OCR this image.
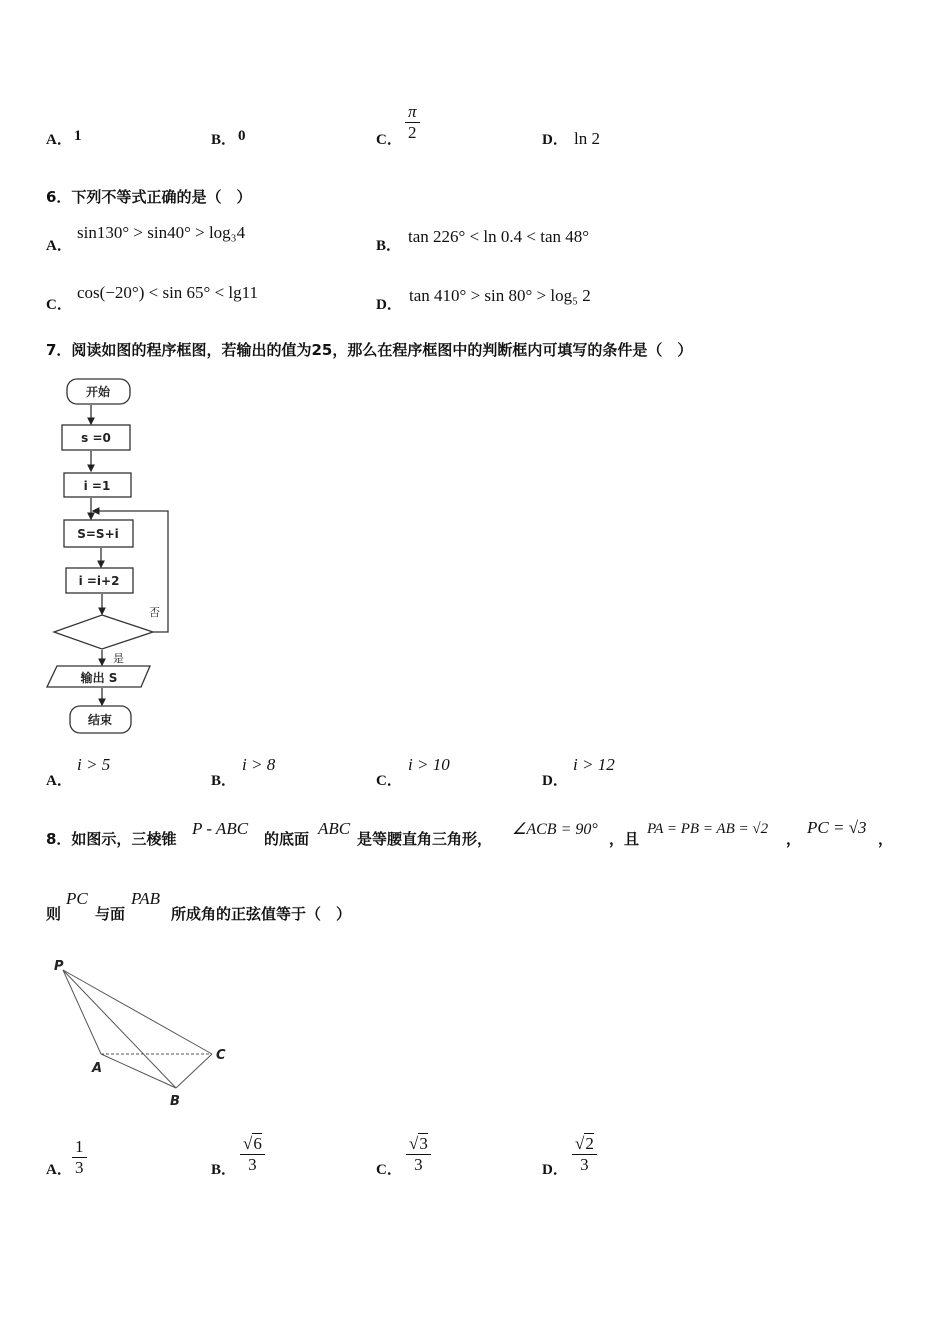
A． 1	B． 0	C． $\frac{\pi}{2}$	D． ln 2
6．下列不等式正确的是（　）
A．
sin130° > sin40° > log₃4
B． tan 226° < ln 0.4 < tan 48°
C．
cos(−20°) < sin 65° < lg11
D． tan 410° > sin 80° > log₅ 2
7．阅读如图的程序框图，若输出的值为25，那么在程序框图中的判断框内可填写的条件是（　）
开始
s =0
i =1
S=S+i
i =i+2
输出 S
结束
否
是
A．
i > 5
B．
i > 8
C．
i > 10
D．
i > 12
8．如图示，三棱锥
P - ABC
的底面
ABC
是等腰直角三角形，
∠ACB = 90°
，且
PA = PB = AB = √2
，
PC = √3
，
则
PC
与面
PAB
所成角的正弦值等于（　）
P
A
B
C
A． $\frac{1}{3}$	B． $\frac{√6}{3}$	C． $\frac{√3}{3}$	D． $\frac{√2}{3}$
